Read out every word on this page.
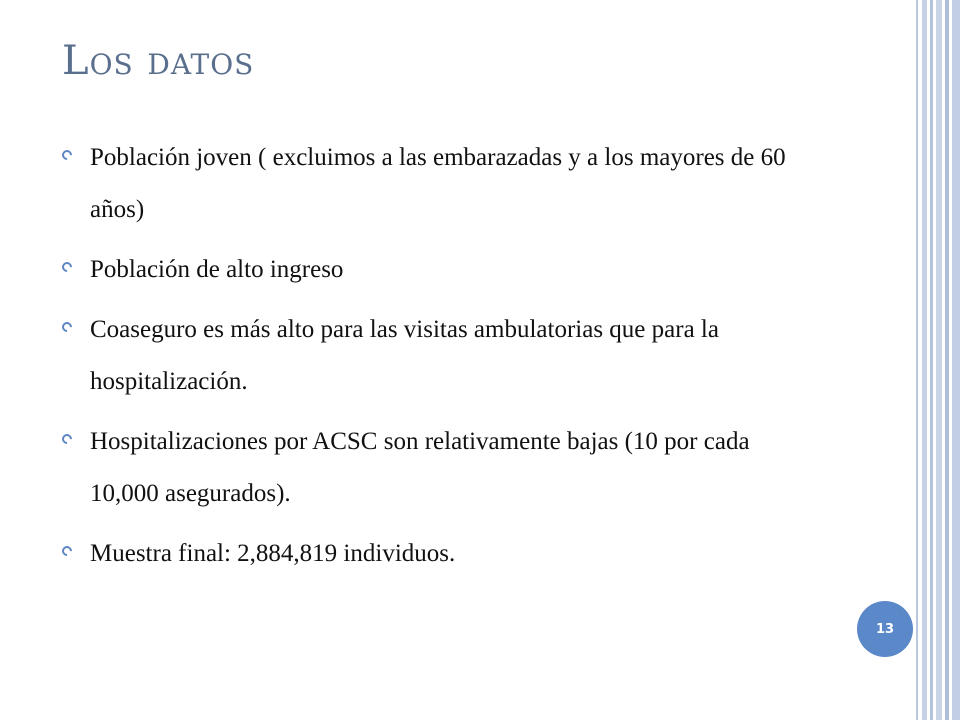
Los datos
Población joven ( excluimos a las embarazadas y a los mayores de 60 años)
Población de alto ingreso
Coaseguro es más alto para las visitas ambulatorias que para la hospitalización.
Hospitalizaciones por ACSC son relativamente bajas (10 por cada 10,000 asegurados).
Muestra final: 2,884,819 individuos.
13
